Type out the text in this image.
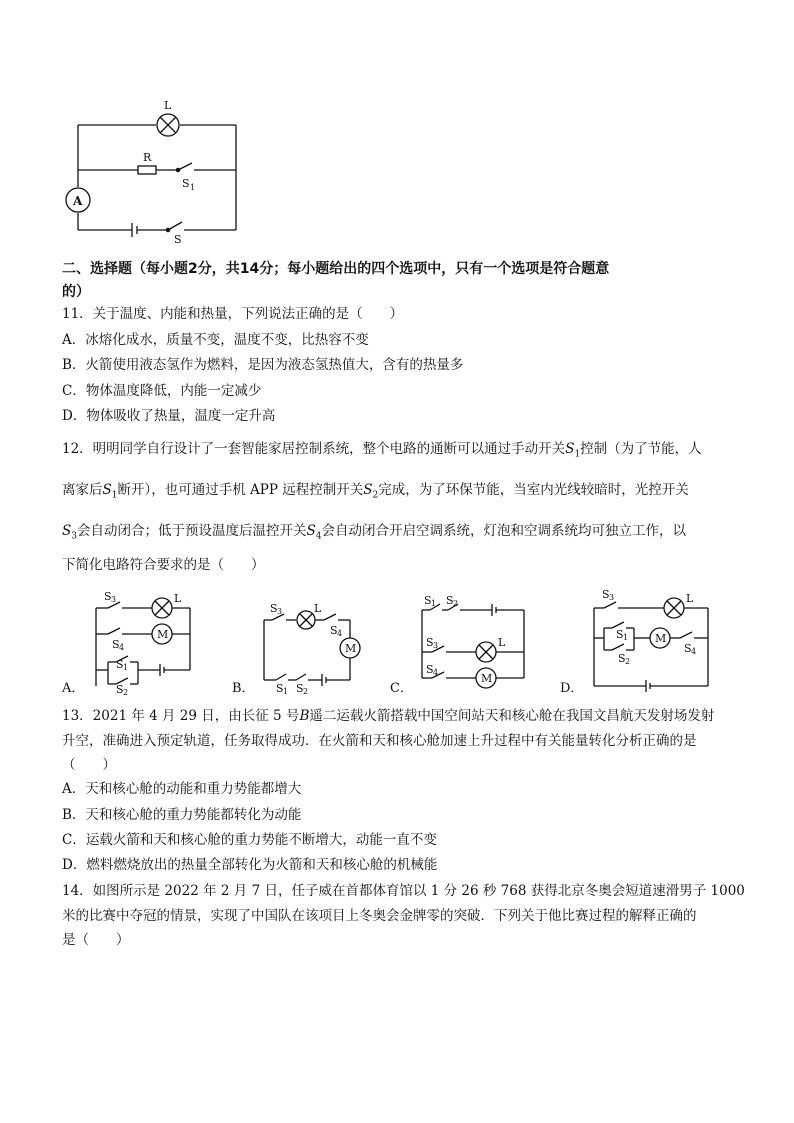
L
R
S 1
A
S
二、选择题（每小题2分，共14分；每小题给出的四个选项中，只有一个选项是符合题意
的）
11．关于温度、内能和热量，下列说法正确的是（　　）
A．冰熔化成水，质量不变，温度不变，比热容不变
B．火箭使用液态氢作为燃料，是因为液态氢热值大，含有的热量多
C．物体温度降低，内能一定减少
D．物体吸收了热量，温度一定升高
12．明明同学自行设计了一套智能家居控制系统，整个电路的通断可以通过手动开关$S_1$控制（为了节能，人
离家后$S_1$断开），也可通过手机 APP 远程控制开关$S_2$完成，为了环保节能，当室内光线较暗时，光控开关
$S_3$会自动闭合；低于预设温度后温控开关$S_4$会自动闭合开启空调系统，灯泡和空调系统均可独立工作，以
下简化电路符合要求的是（　　）
A．
S 3	L
M
S 4
S 1
S 2	B．
M
S 3	L
S 4
S 1 S 2	C．
S 1 S 2
S 3	L
M
S 4
D．
S 3	L
M
S 1
S 2
S 4
13．2021 年 4 月 29 日，由长征 5 号B遥二运载火箭搭载中国空间站天和核心舱在我国文昌航天发射场发射
升空，准确进入预定轨道，任务取得成功．在火箭和天和核心舱加速上升过程中有关能量转化分析正确的是
（　　）
A．天和核心舱的动能和重力势能都增大
B．天和核心舱的重力势能都转化为动能
C．运载火箭和天和核心舱的重力势能不断增大，动能一直不变
D．燃料燃烧放出的热量全部转化为火箭和天和核心舱的机械能
14．如图所示是 2022 年 2 月 7 日，任子威在首都体育馆以 1 分 26 秒 768 获得北京冬奥会短道速滑男子 1000
米的比赛中夺冠的情景，实现了中国队在该项目上冬奥会金牌零的突破．下列关于他比赛过程的解释正确的
是（　　）
